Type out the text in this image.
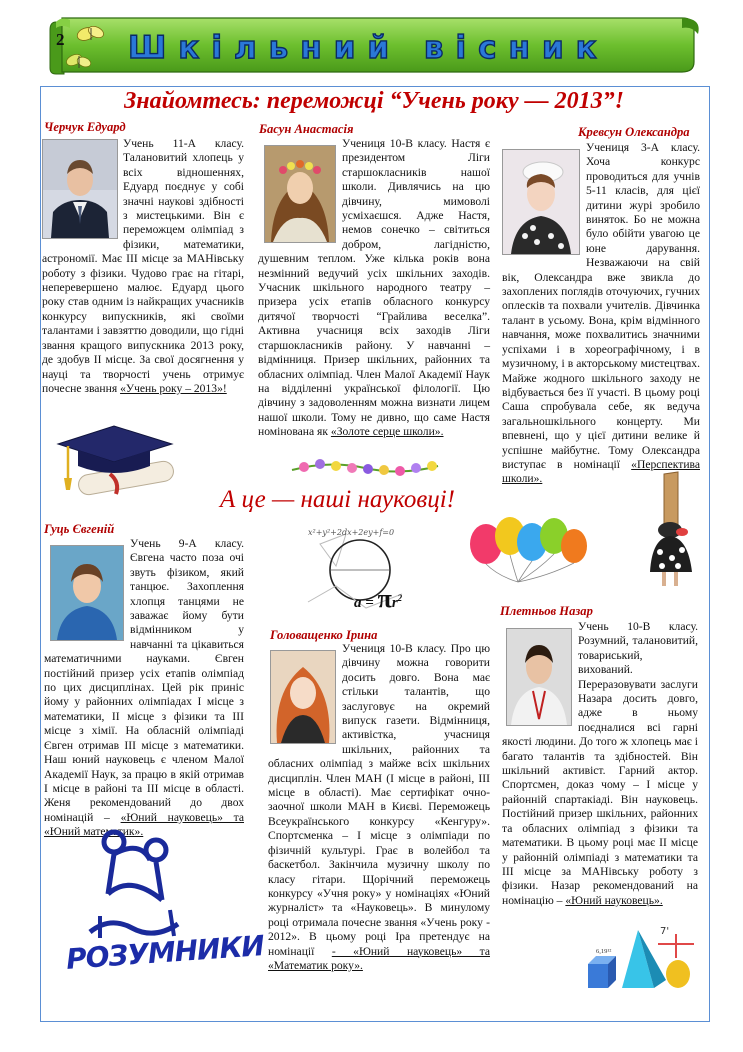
2 Шкільний вісник
Знайомтесь: переможці “Учень року — 2013”!
Черчук Едуард

Учень 11-А класу. Талановитий хлопець у всіх відношеннях, Едуард поєднує у собі значні наукові здібності з мистецькими. Він є переможцем олімпіад з фізики, математики, астрономії. Має ІІІ місце за МАНівську роботу з фізики. Чудово грає на гітарі, неперевершено малює. Едуард цього року став одним із найкращих учасників конкурсу випускників, які своїми талантами і завзяттю доводили, що гідні звання кращого випускника 2013 року, де здобув ІІ місце. За свої досягнення у науці та творчості учень отримує почесне звання «Учень року – 2013»!

Басун Анастасія

Учениця 10-В класу. Настя є президентом Ліги старшокласників нашої школи. Дивлячись на цю дівчину, мимоволі усміхаєшся. Адже Настя, немов сонечко – світиться добром, лагідністю, душевним теплом. Уже кілька років вона незмінний ведучий усіх шкільних заходів. Учасник шкільного народного театру – призера усіх етапів обласного конкурсу дитячої творчості “Грайлива веселка”. Активна учасниця всіх заходів Ліги старшокласників району. У навчанні – відмінниця. Призер шкільних, районних та обласних олімпіад. Член Малої Академії Наук на відділенні української філології. Цю дівчину з задоволенням можна визнати лицем нашої школи. Тому не дивно, що саме Настя номінована як «Золоте серце школи».

Кревсун Олександра

Учениця 3-А класу. Хоча конкурс проводиться для учнів 5-11 класів, для цієї дитини журі зробило виняток. Бо не можна було обійти увагою це юне дарування. Незважаючи на свій вік, Олександра вже звикла до захоплених поглядів оточуючих, гучних оплесків та похвали учителів. Дівчинка талант в усьому. Вона, крім відмінного навчання, може похвалитись значними успіхами і в хореографічному, і в музичному, і в акторському мистецтвах. Майже жодного шкільного заходу не відбувається без її участі. В цьому році Саша спробувала себе, як ведуча загальношкільного концерту. Ми впевнені, що у цієї дитини велике й успішне майбутнє. Тому Олександра виступає в номінації «Перспектива школи».

А це — наші науковці!
x²+y²+2dx+2ey+f=0
$a = \pi r^2$
Гуць Євгеній

Учень 9-А класу. Євгена часто поза очі звуть фізиком, який танцює. Захоплення хлопця танцями не заважає йому бути відмінником у навчанні та цікавиться математичними науками. Євген постійний призер усіх етапів олімпіад по цих дисциплінах. Цей рік приніс йому у районних олімпіадах І місце з математики, ІІ місце з фізики та ІІІ місце з хімії. На обласній олімпіаді Євген отримав ІІІ місце з математики. Наш юний науковець є членом Малої Академії Наук, за працю в якій отримав І місце в районі та ІІІ місце в області. Женя рекомендований до двох номінацій – «Юний науковець» та «Юний математик».

РОЗУМНИКИ
Головащенко Ірина

Учениця 10-В класу. Про цю дівчину можна говорити досить довго. Вона має стільки талантів, що заслуговує на окремий випуск газети. Відмінниця, активістка, учасниця шкільних, районних та обласних олімпіад з майже всіх шкільних дисциплін. Член МАН (І місце в районі, ІІІ місце в області). Має сертифікат очно-заочної школи МАН в Києві. Переможець Всеукраїнського конкурсу «Кенгуру». Спортсменка – І місце з олімпіади по фізичній культурі. Грає в волейбол та баскетбол. Закінчила музичну школу по класу гітари. Щорічний переможець конкурсу «Учня року» у номінаціях «Юний журналіст» та «Науковець». В минулому році отримала почесне звання «Учень року - 2012». В цьому році Іра претендує на номінації - «Юний науковець» та «Математик року».

Плетньов Назар

Учень 10-В класу. Розумний, талановитий, товариський, вихований. Переразовувати заслуги Назара досить довго, адже в ньому поєдналися всі гарні якості людини. До того ж хлопець має і багато талантів та здібностей. Він шкільний активіст. Гарний актор. Спортсмен, доказ чому – І місце у районній спартакіаді. Він науковець. Постійний призер шкільних, районних та обласних олімпіад з фізики та математики. В цьому році має ІІ місце у районній олімпіаді з математики та ІІІ місце за МАНівську роботу з фізики. Назар рекомендований на номінацію – «Юний науковець».

6,19¹²
7'
